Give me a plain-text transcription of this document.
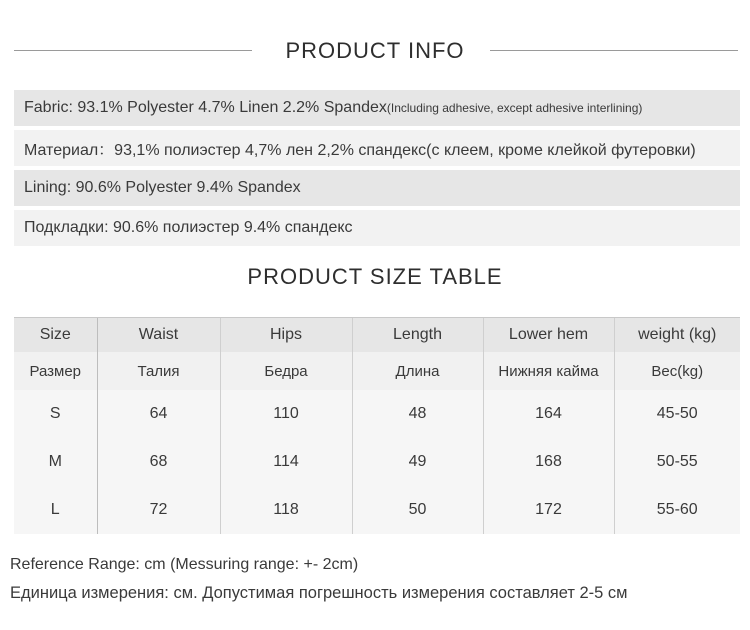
PRODUCT INFO
Fabric: 93.1% Polyester 4.7% Linen 2.2% Spandex (Including adhesive, except adhesive interlining)
Материал：93,1% полиэстер 4,7% лен 2,2% спандекс(с клеем, кроме клейкой футеровки)
Lining: 90.6% Polyester 9.4% Spandex
Подкладки: 90.6% полиэстер 9.4% спандекс
PRODUCT SIZE TABLE
Size	Waist	Hips	Length	Lower hem	weight (kg)
Размер	Талия	Бедра	Длина	Нижняя кайма	Вес(kg)
S	64	110	48	164	45-50
M	68	114	49	168	50-55
L	72	118	50	172	55-60
Reference Range: cm (Messuring range: +- 2cm)
Единица измерения: см. Допустимая погрешность измерения составляет 2-5 см
